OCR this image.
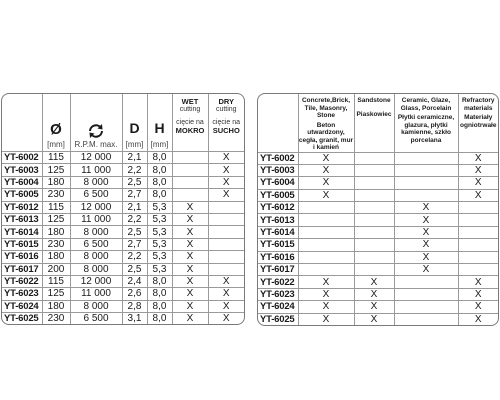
	Ø
[mm]	R.P.M. max.	D
[mm]	H
[mm]	WET
cutting
cięcie na
MOKRO	DRY
cutting
cięcie na
SUCHO

YT-6002	115	12 000	2,1	8,0		X
YT-6003	125	11 000	2,2	8,0		X
YT-6004	180	8 000	2,5	8,0		X
YT-6005	230	6 500	2,7	8,0		X
YT-6012	115	12 000	2,1	5,3	X	
YT-6013	125	11 000	2,2	5,3	X	
YT-6014	180	8 000	2,5	5,3	X	
YT-6015	230	6 500	2,7	5,3	X	
YT-6016	180	8 000	2,2	5,3	X	
YT-6017	200	8 000	2,5	5,3	X	
YT-6022	115	12 000	2,4	8,0	X	X
YT-6023	125	11 000	2,6	8,0	X	X
YT-6024	180	8 000	2,8	8,0	X	X
YT-6025	230	6 500	3,1	8,0	X	X

	Concrete,Brick, Tile, Masonry, Stone
Beton utwardzony, cegła, granit, mur i kamień	Sandstone
Piaskowiec	Ceramic, Glaze, Glass, Porcelain
Płytki ceramiczne, glazura, płytki kamienne, szkło porcelana	Refractory materials
Materiały ogniotrwałe

YT-6002	X			X
YT-6003	X			X
YT-6004	X			X
YT-6005	X			X
YT-6012			X	
YT-6013			X	
YT-6014			X	
YT-6015			X	
YT-6016			X	
YT-6017			X	
YT-6022	X	X		X
YT-6023	X	X		X
YT-6024	X	X		X
YT-6025	X	X		X
